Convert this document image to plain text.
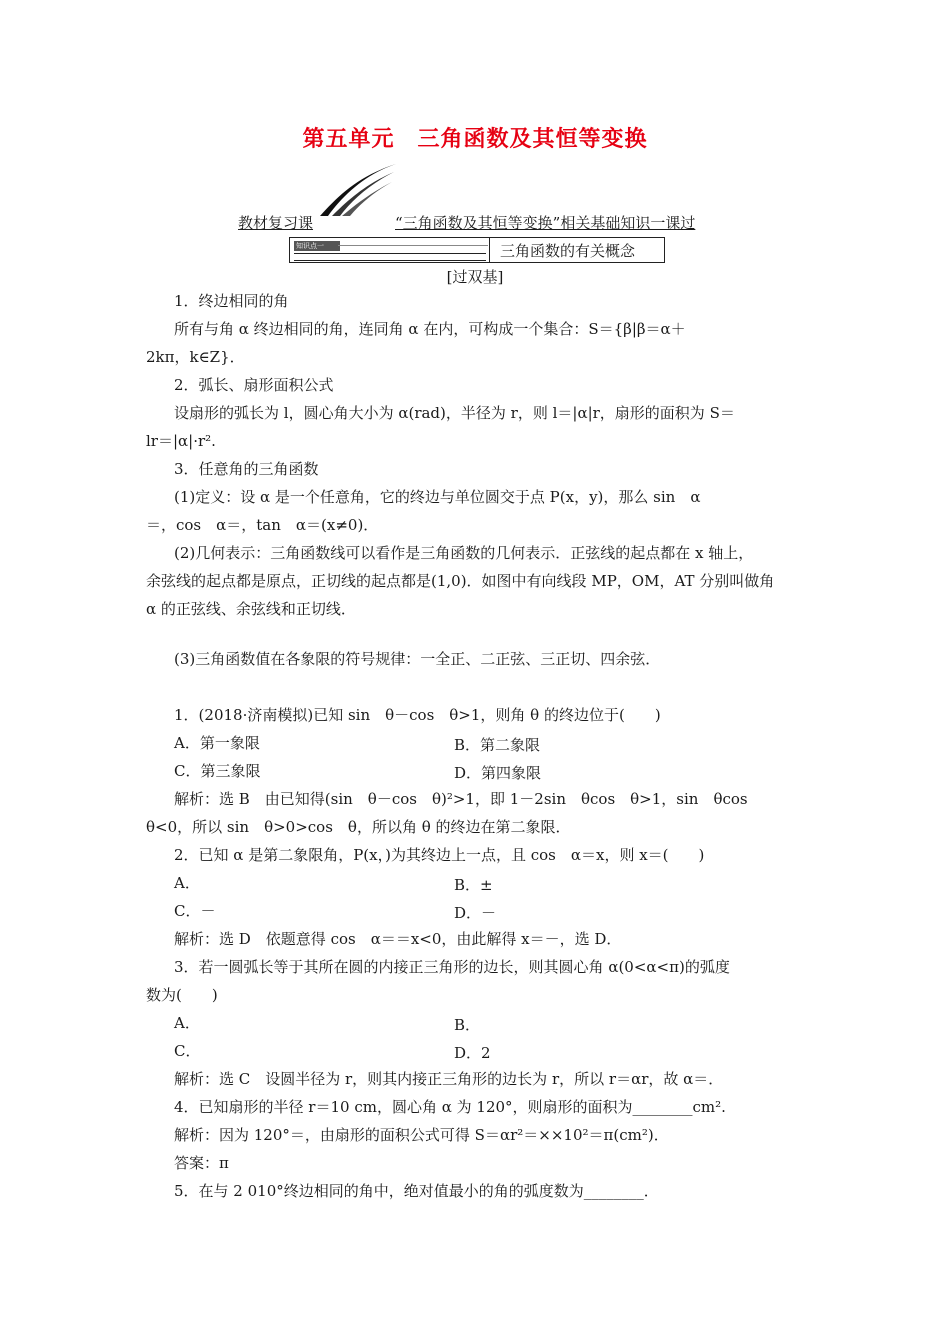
第五单元　三角函数及其恒等变换
教材复习课	“三角函数及其恒等变换”相关基础知识一课过
知识点一	三角函数的有关概念
[过双基]
1．终边相同的角
所有与角 α 终边相同的角，连同角 α 在内，可构成一个集合：S＝{β|β＝α＋
2kπ，k∈Z}．
2．弧长、扇形面积公式
设扇形的弧长为 l，圆心角大小为 α(rad)，半径为 r，则 l＝|α|r，扇形的面积为 S＝
lr＝|α|·r².
3．任意角的三角函数
(1)定义：设 α 是一个任意角，它的终边与单位圆交于点 P(x，y)，那么 sin　α
＝，cos　α＝，tan　α＝(x≠0)．
(2)几何表示：三角函数线可以看作是三角函数的几何表示．正弦线的起点都在 x 轴上，
余弦线的起点都是原点，正切线的起点都是(1,0)．如图中有向线段 MP，OM，AT 分别叫做角
α 的正弦线、余弦线和正切线．
(3)三角函数值在各象限的符号规律：一全正、二正弦、三正切、四余弦．
1．(2018·济南模拟)已知 sin　θ－cos　θ>1，则角 θ 的终边位于(　　)
A．第一象限	B．第二象限
C．第三象限	D．第四象限
解析：选 B　由已知得(sin　θ－cos　θ)²>1，即 1－2sin　θcos　θ>1，sin　θcos
θ<0，所以 sin　θ>0>cos　θ，所以角 θ 的终边在第二象限．
2．已知 α 是第二象限角，P(x，)为其终边上一点，且 cos　α＝x，则 x＝(　　)
A．	B．±
C．－	D．－
解析：选 D　依题意得 cos　α＝＝x<0，由此解得 x＝－，选 D．
3．若一圆弧长等于其所在圆的内接正三角形的边长，则其圆心角 α(0<α<π)的弧度
数为(　　)
A．	B．
C．	D．2
解析：选 C　设圆半径为 r，则其内接正三角形的边长为 r，所以 r＝αr，故 α＝．
4．已知扇形的半径 r＝10 cm，圆心角 α 为 120°，则扇形的面积为________cm².
解析：因为 120°＝，由扇形的面积公式可得 S＝αr²＝××10²＝π(cm²)．
答案：π
5．在与 2 010°终边相同的角中，绝对值最小的角的弧度数为________．
